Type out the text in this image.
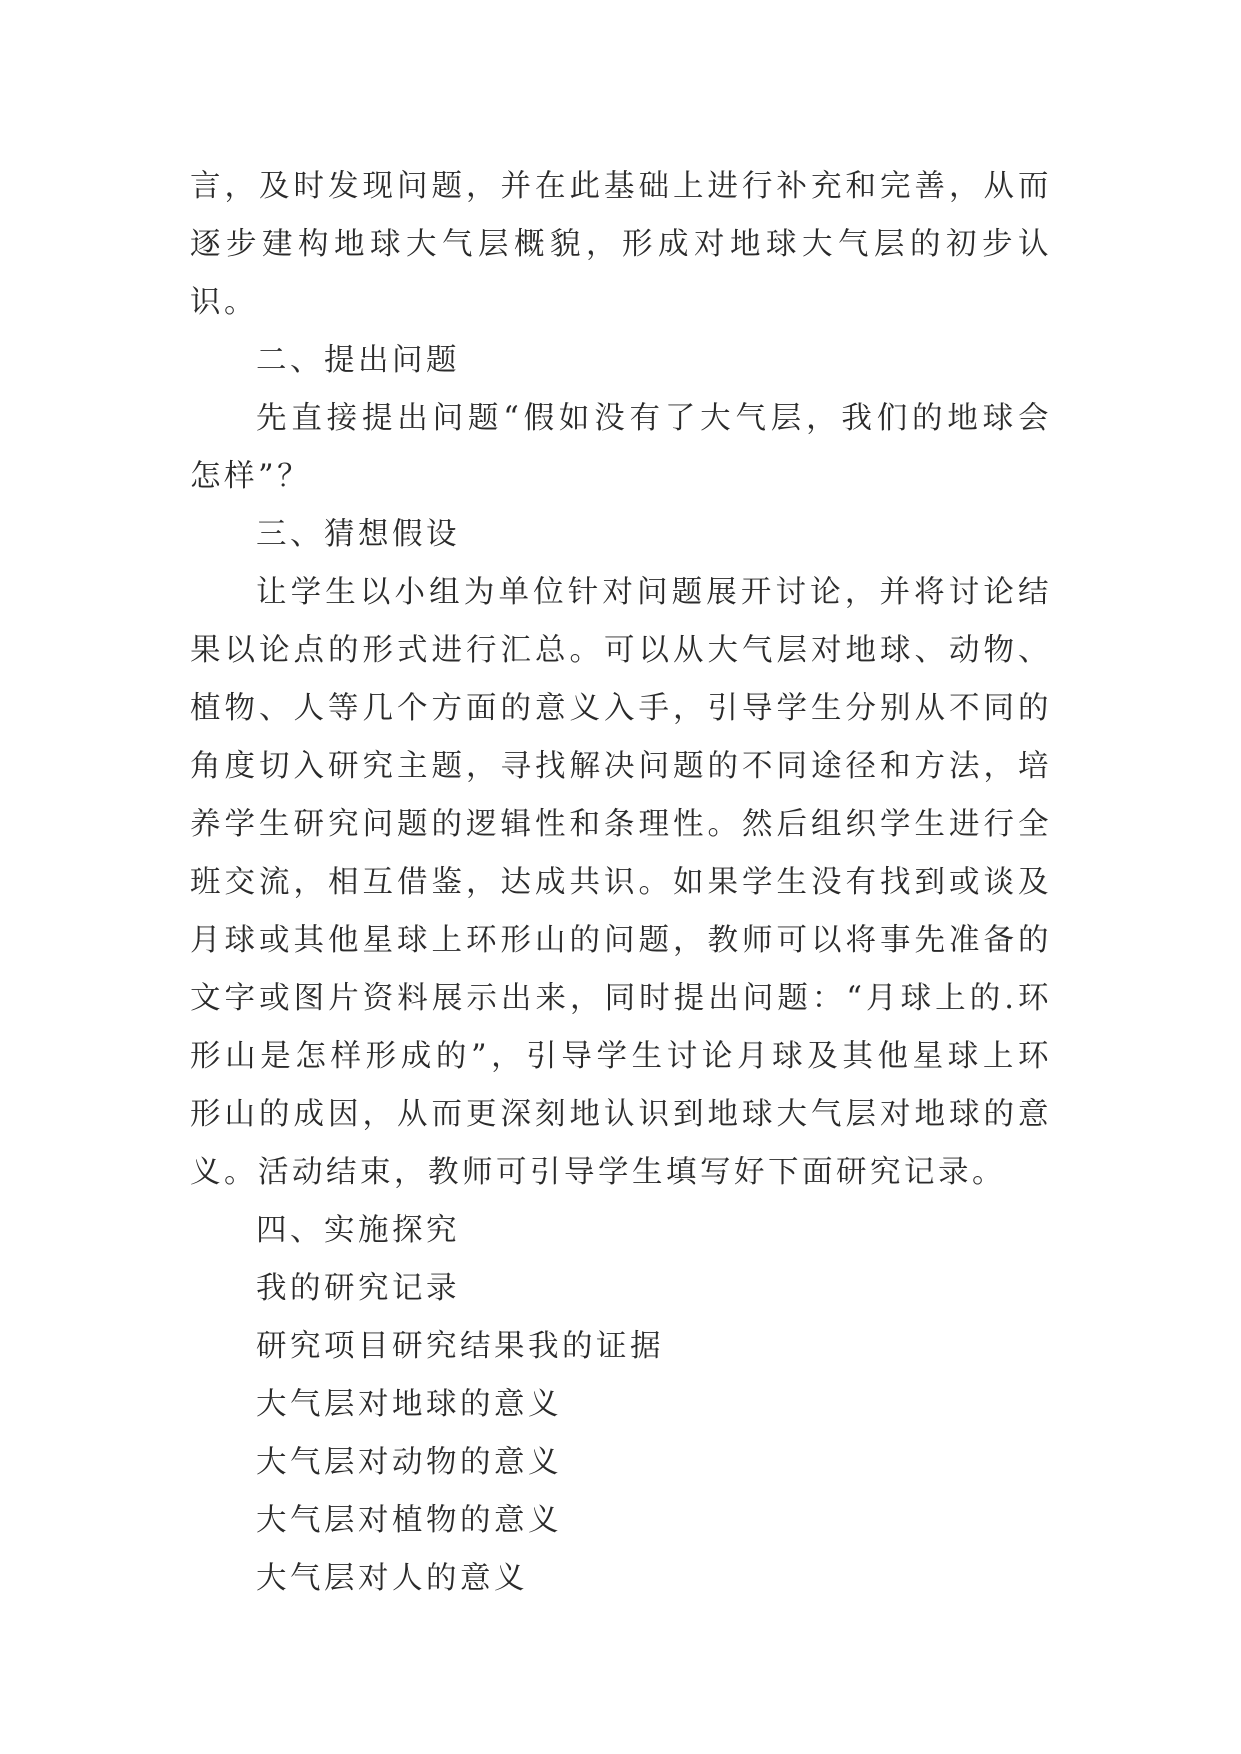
言，及时发现问题，并在此基础上进行补充和完善，从而逐步建构地球大气层概貌，形成对地球大气层的初步认识。

二、提出问题

先直接提出问题“假如没有了大气层，我们的地球会怎样”？

三、猜想假设

让学生以小组为单位针对问题展开讨论，并将讨论结果以论点的形式进行汇总。可以从大气层对地球、动物、植物、人等几个方面的意义入手，引导学生分别从不同的角度切入研究主题，寻找解决问题的不同途径和方法，培养学生研究问题的逻辑性和条理性。然后组织学生进行全班交流，相互借鉴，达成共识。如果学生没有找到或谈及月球或其他星球上环形山的问题，教师可以将事先准备的文字或图片资料展示出来，同时提出问题：“月球上的.环形山是怎样形成的”，引导学生讨论月球及其他星球上环形山的成因，从而更深刻地认识到地球大气层对地球的意义。活动结束，教师可引导学生填写好下面研究记录。

四、实施探究

我的研究记录

研究项目研究结果我的证据

大气层对地球的意义

大气层对动物的意义

大气层对植物的意义

大气层对人的意义
